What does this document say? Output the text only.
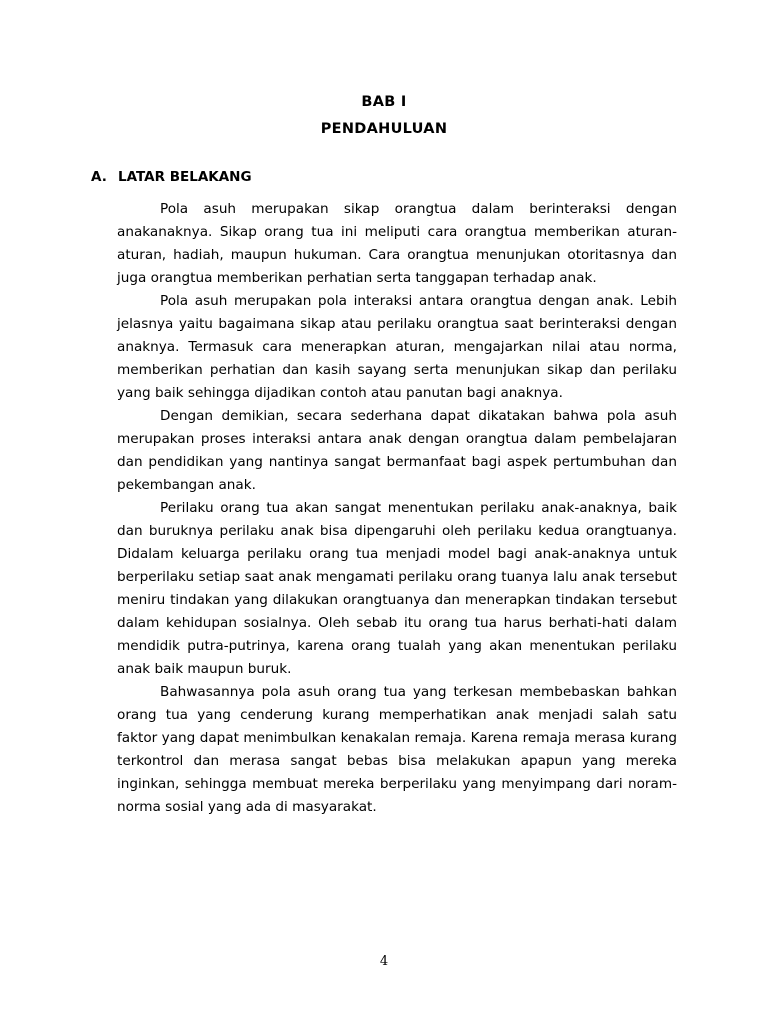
BAB I
PENDAHULUAN
A. LATAR BELAKANG

Pola asuh merupakan sikap orangtua dalam berinteraksi dengan anakanaknya. Sikap orang tua ini meliputi cara orangtua memberikan aturan-aturan, hadiah, maupun hukuman. Cara orangtua menunjukan otoritasnya dan juga orangtua memberikan perhatian serta tanggapan terhadap anak.

Pola asuh merupakan pola interaksi antara orangtua dengan anak. Lebih jelasnya yaitu bagaimana sikap atau perilaku orangtua saat berinteraksi dengan anaknya. Termasuk cara menerapkan aturan, mengajarkan nilai atau norma, memberikan perhatian dan kasih sayang serta menunjukan sikap dan perilaku yang baik sehingga dijadikan contoh atau panutan bagi anaknya.

Dengan demikian, secara sederhana dapat dikatakan bahwa pola asuh merupakan proses interaksi antara anak dengan orangtua dalam pembelajaran dan pendidikan yang nantinya sangat bermanfaat bagi aspek pertumbuhan dan pekembangan anak.

Perilaku orang tua akan sangat menentukan perilaku anak-anaknya, baik dan buruknya perilaku anak bisa dipengaruhi oleh perilaku kedua orangtuanya. Didalam keluarga perilaku orang tua menjadi model bagi anak-anaknya untuk berperilaku setiap saat anak mengamati perilaku orang tuanya lalu anak tersebut meniru tindakan yang dilakukan orangtuanya dan menerapkan tindakan tersebut dalam kehidupan sosialnya. Oleh sebab itu orang tua harus berhati-hati dalam mendidik putra-putrinya, karena orang tualah yang akan menentukan perilaku anak baik maupun buruk.

Bahwasannya pola asuh orang tua yang terkesan membebaskan bahkan orang tua yang cenderung kurang memperhatikan anak menjadi salah satu faktor yang dapat menimbulkan kenakalan remaja. Karena remaja merasa kurang terkontrol dan merasa sangat bebas bisa melakukan apapun yang mereka inginkan, sehingga membuat mereka berperilaku yang menyimpang dari noram-norma sosial yang ada di masyarakat.

4
